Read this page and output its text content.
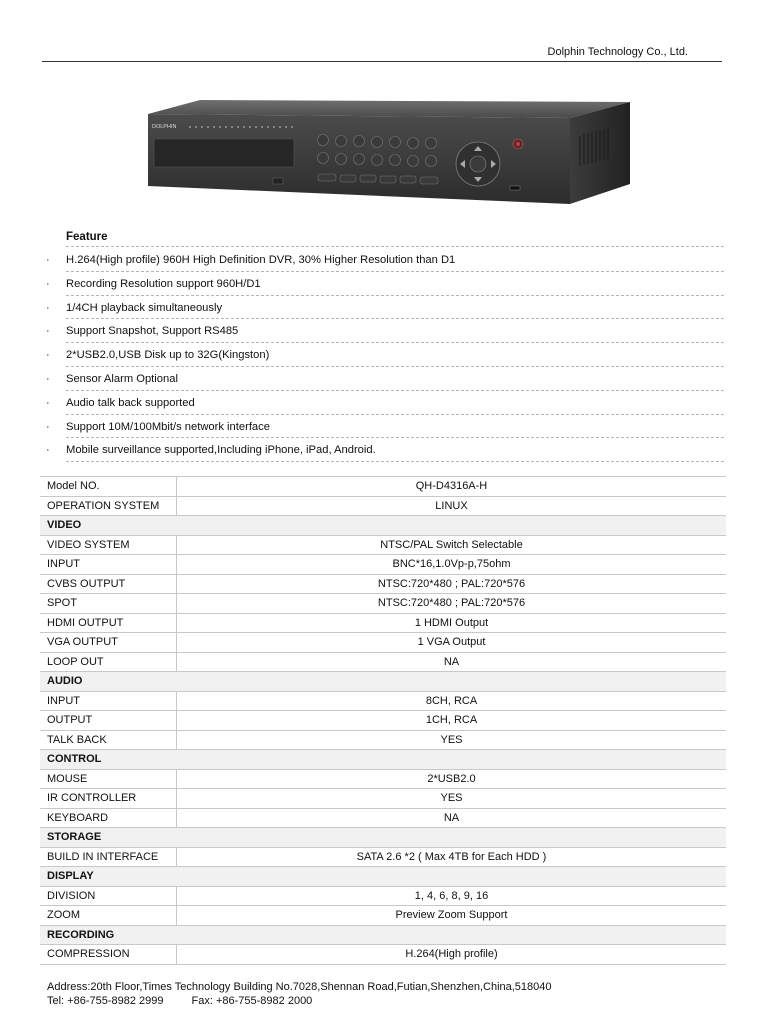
Dolphin Technology Co., Ltd.
DOLPHIN
Feature
· H.264(High profile) 960H High Definition DVR, 30% Higher Resolution than D1
· Recording Resolution support 960H/D1
· 1/4CH playback simultaneously
· Support Snapshot, Support RS485
· 2*USB2.0,USB Disk up to 32G(Kingston)
· Sensor Alarm Optional
· Audio talk back supported
· Support 10M/100Mbit/s network interface
· Mobile surveillance supported,Including iPhone, iPad, Android.
Model NO.	QH-D4316A-H
OPERATION SYSTEM	LINUX
VIDEO	
VIDEO SYSTEM	NTSC/PAL Switch Selectable
INPUT	BNC*16,1.0Vp-p,75ohm
CVBS OUTPUT	NTSC:720*480 ; PAL:720*576
SPOT	NTSC:720*480 ; PAL:720*576
HDMI OUTPUT	1 HDMI Output
VGA OUTPUT	1 VGA Output
LOOP OUT	NA
AUDIO	
INPUT	8CH, RCA
OUTPUT	1CH, RCA
TALK BACK	YES
CONTROL	
MOUSE	2*USB2.0
IR CONTROLLER	YES
KEYBOARD	NA
STORAGE	
BUILD IN INTERFACE	SATA 2.6 *2 ( Max 4TB for Each HDD )
DISPLAY	
DIVISION	1, 4, 6, 8, 9, 16
ZOOM	Preview Zoom Support
RECORDING	
COMPRESSION	H.264(High profile)
Address:20th Floor,Times Technology Building No.7028,Shennan Road,Futian,Shenzhen,China,518040
Tel: +86-755-8982 2999	Fax: +86-755-8982 2000
